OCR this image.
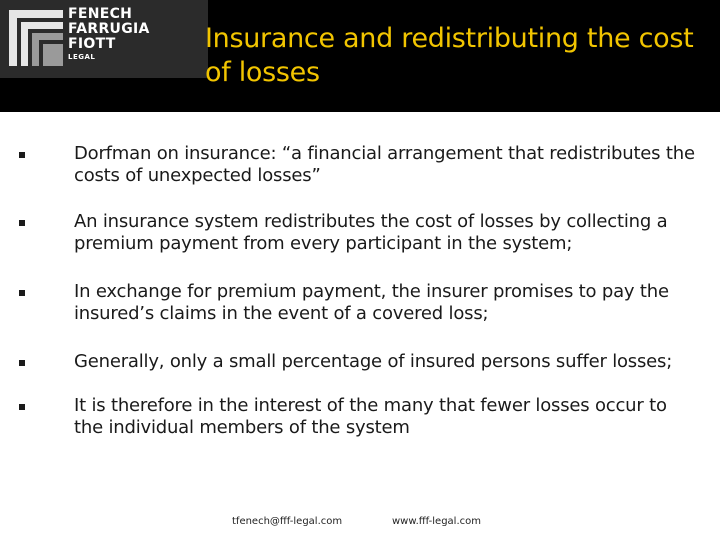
FENECH
FARRUGIA
FIOTT
LEGAL
Insurance and redistributing the cost of losses
Dorfman on insurance: “a financial arrangement that redistributes the costs of unexpected losses”
An insurance system redistributes the cost of losses by collecting a premium payment from every participant in the system;
In exchange for premium payment, the insurer promises to pay the insured’s claims in the event of a covered loss;
Generally, only a small percentage of insured persons suffer losses;
It is therefore in the interest of the many that fewer losses occur to the individual members of the system
tfenech@fff-legal.com	www.fff-legal.com
